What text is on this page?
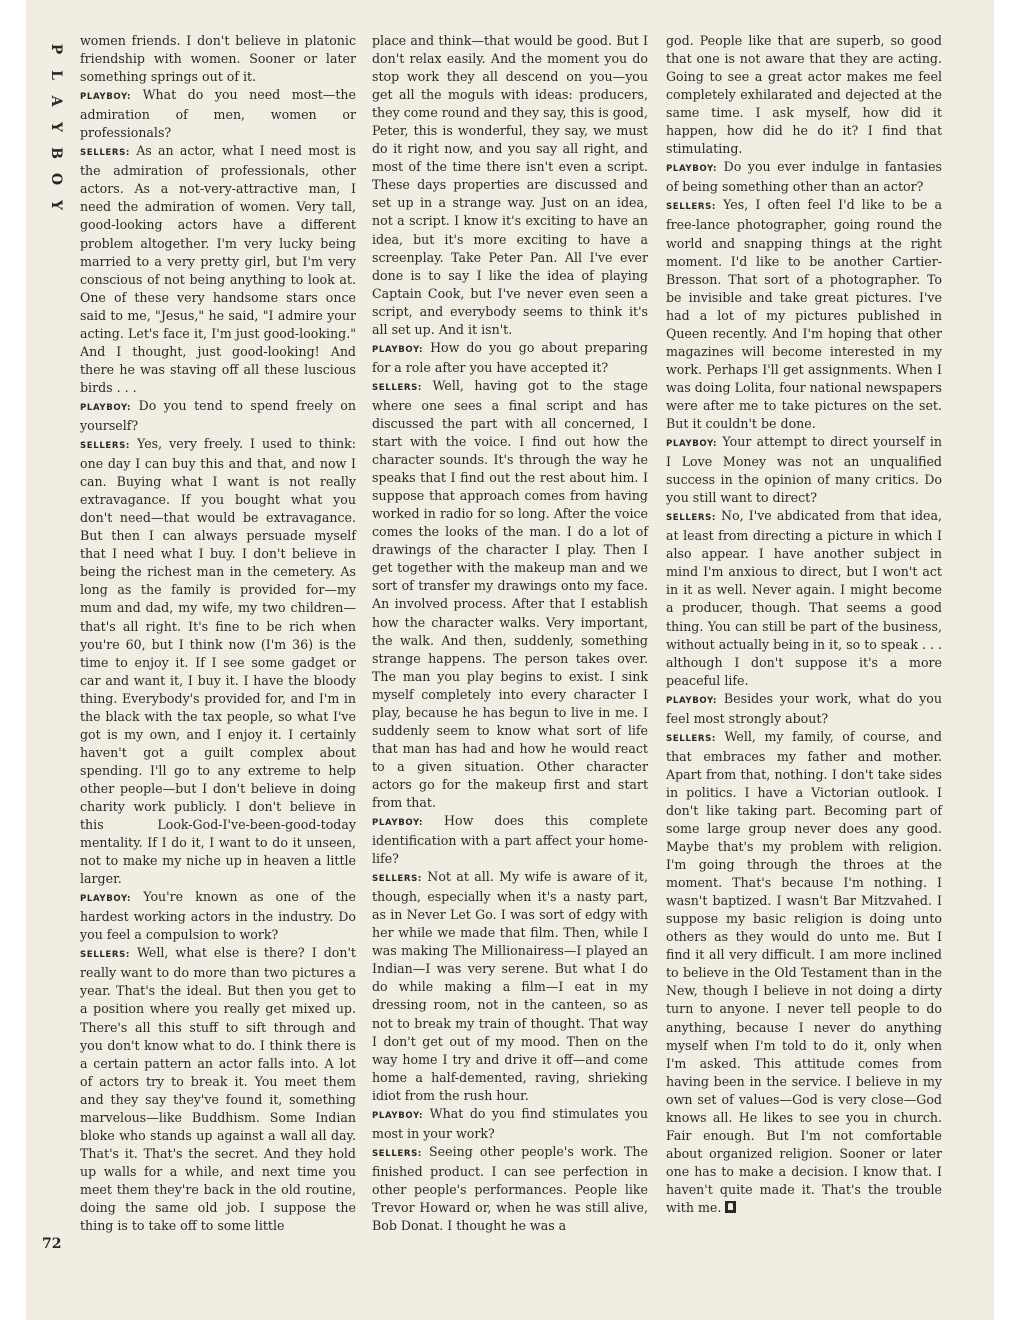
P
L
A
Y
B
O
Y
72

women friends. I don't believe in platonic friendship with women. Sooner or later something springs out of it.

PLAYBOY: What do you need most—the admiration of men, women or professionals?

SELLERS: As an actor, what I need most is the admiration of professionals, other actors. As a not-very-attractive man, I need the admiration of women. Very tall, good-looking actors have a different problem altogether. I'm very lucky being married to a very pretty girl, but I'm very conscious of not being anything to look at. One of these very handsome stars once said to me, "Jesus," he said, "I admire your acting. Let's face it, I'm just good-looking." And I thought, just good-looking! And there he was staving off all these luscious birds . . .

PLAYBOY: Do you tend to spend freely on yourself?

SELLERS: Yes, very freely. I used to think: one day I can buy this and that, and now I can. Buying what I want is not really extravagance. If you bought what you don't need—that would be extravagance. But then I can always persuade myself that I need what I buy. I don't believe in being the richest man in the cemetery. As long as the family is provided for—my mum and dad, my wife, my two children—that's all right. It's fine to be rich when you're 60, but I think now (I'm 36) is the time to enjoy it. If I see some gadget or car and want it, I buy it. I have the bloody thing. Everybody's provided for, and I'm in the black with the tax people, so what I've got is my own, and I enjoy it. I certainly haven't got a guilt complex about spending. I'll go to any extreme to help other people—but I don't believe in doing charity work publicly. I don't believe in this Look-God-I've-been-good-today mentality. If I do it, I want to do it unseen, not to make my niche up in heaven a little larger.

PLAYBOY: You're known as one of the hardest working actors in the industry. Do you feel a compulsion to work?

SELLERS: Well, what else is there? I don't really want to do more than two pictures a year. That's the ideal. But then you get to a position where you really get mixed up. There's all this stuff to sift through and you don't know what to do. I think there is a certain pattern an actor falls into. A lot of actors try to break it. You meet them and they say they've found it, something marvelous—like Buddhism. Some Indian bloke who stands up against a wall all day. That's it. That's the secret. And they hold up walls for a while, and next time you meet them they're back in the old routine, doing the same old job. I suppose the thing is to take off to some little

place and think—that would be good. But I don't relax easily. And the moment you do stop work they all descend on you—you get all the moguls with ideas: producers, they come round and they say, this is good, Peter, this is wonderful, they say, we must do it right now, and you say all right, and most of the time there isn't even a script. These days properties are discussed and set up in a strange way. Just on an idea, not a script. I know it's exciting to have an idea, but it's more exciting to have a screenplay. Take Peter Pan. All I've ever done is to say I like the idea of playing Captain Cook, but I've never even seen a script, and everybody seems to think it's all set up. And it isn't.

PLAYBOY: How do you go about preparing for a role after you have accepted it?

SELLERS: Well, having got to the stage where one sees a final script and has discussed the part with all concerned, I start with the voice. I find out how the character sounds. It's through the way he speaks that I find out the rest about him. I suppose that approach comes from having worked in radio for so long. After the voice comes the looks of the man. I do a lot of drawings of the character I play. Then I get together with the makeup man and we sort of transfer my drawings onto my face. An involved process. After that I establish how the character walks. Very important, the walk. And then, suddenly, something strange happens. The person takes over. The man you play begins to exist. I sink myself completely into every character I play, because he has begun to live in me. I suddenly seem to know what sort of life that man has had and how he would react to a given situation. Other character actors go for the makeup first and start from that.

PLAYBOY: How does this complete identification with a part affect your home-life?

SELLERS: Not at all. My wife is aware of it, though, especially when it's a nasty part, as in Never Let Go. I was sort of edgy with her while we made that film. Then, while I was making The Millionairess—I played an Indian—I was very serene. But what I do do while making a film—I eat in my dressing room, not in the canteen, so as not to break my train of thought. That way I don't get out of my mood. Then on the way home I try and drive it off—and come home a half-demented, raving, shrieking idiot from the rush hour.

PLAYBOY: What do you find stimulates you most in your work?

SELLERS: Seeing other people's work. The finished product. I can see perfection in other people's performances. People like Trevor Howard or, when he was still alive, Bob Donat. I thought he was a

god. People like that are superb, so good that one is not aware that they are acting. Going to see a great actor makes me feel completely exhilarated and dejected at the same time. I ask myself, how did it happen, how did he do it? I find that stimulating.

PLAYBOY: Do you ever indulge in fantasies of being something other than an actor?

SELLERS: Yes, I often feel I'd like to be a free-lance photographer, going round the world and snapping things at the right moment. I'd like to be another Cartier-Bresson. That sort of a photographer. To be invisible and take great pictures. I've had a lot of my pictures published in Queen recently. And I'm hoping that other magazines will become interested in my work. Perhaps I'll get assignments. When I was doing Lolita, four national newspapers were after me to take pictures on the set. But it couldn't be done.

PLAYBOY: Your attempt to direct yourself in I Love Money was not an unqualified success in the opinion of many critics. Do you still want to direct?

SELLERS: No, I've abdicated from that idea, at least from directing a picture in which I also appear. I have another subject in mind I'm anxious to direct, but I won't act in it as well. Never again. I might become a producer, though. That seems a good thing. You can still be part of the business, without actually being in it, so to speak . . . although I don't suppose it's a more peaceful life.

PLAYBOY: Besides your work, what do you feel most strongly about?

SELLERS: Well, my family, of course, and that embraces my father and mother. Apart from that, nothing. I don't take sides in politics. I have a Victorian outlook. I don't like taking part. Becoming part of some large group never does any good. Maybe that's my problem with religion. I'm going through the throes at the moment. That's because I'm nothing. I wasn't baptized. I wasn't Bar Mitzvahed. I suppose my basic religion is doing unto others as they would do unto me. But I find it all very difficult. I am more inclined to believe in the Old Testament than in the New, though I believe in not doing a dirty turn to anyone. I never tell people to do anything, because I never do anything myself when I'm told to do it, only when I'm asked. This attitude comes from having been in the service. I believe in my own set of values—God is very close—God knows all. He likes to see you in church. Fair enough. But I'm not comfortable about organized religion. Sooner or later one has to make a decision. I know that. I haven't quite made it. That's the trouble with me.
